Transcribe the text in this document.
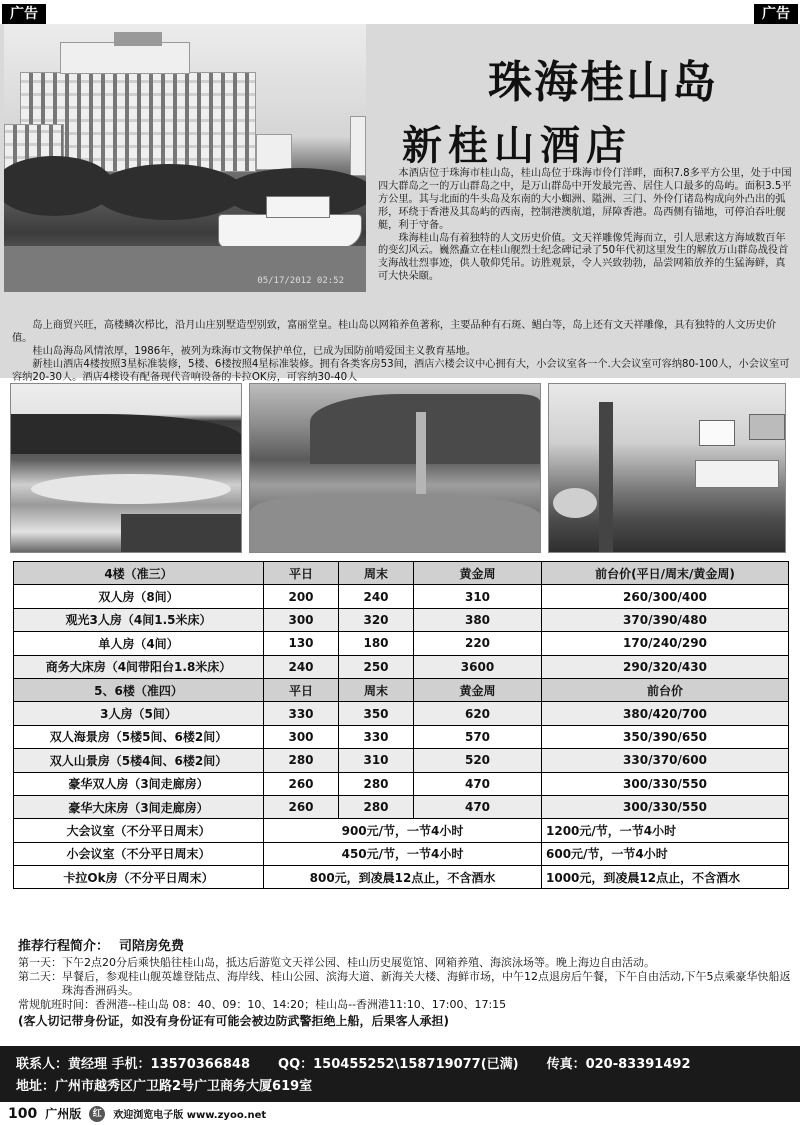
广告	广告
05/17/2012 02:52
珠海桂山岛
新桂山酒店

本酒店位于珠海市桂山岛，桂山岛位于珠海市伶仃洋畔，面积7.8多平方公里，处于中国四大群岛之一的万山群岛之中，是万山群岛中开发最完善、居住人口最多的岛屿。面积3.5平方公里。其与北面的牛头岛及东南的大小蜘洲、隘洲、三门、外伶仃诸岛构成向外凸出的弧形，环绕于香港及其岛屿的西南，控制港澳航道，屏障香港。岛西侧有锚地，可停泊吞吐舰艇，利于守备。

珠海桂山岛有着独特的人文历史价值。文天祥雕像凭海而立，引人思索这方海域数百年的变幻风云。巍然矗立在桂山舰烈士纪念碑记录了50年代初这里发生的解放万山群岛战役首支海战壮烈事迹，供人敬仰凭吊。访胜观景，令人兴致勃勃，品尝网箱放养的生猛海鲜，真可大快朵颐。

岛上商贸兴旺，高楼鳞次栉比，沿月山庄别墅造型别致，富丽堂皇。桂山岛以网箱养鱼著称，主要品种有石斑、鲳白等，岛上还有文天祥雕像，具有独特的人文历史价值。

桂山岛海岛风情浓厚，1986年，被列为珠海市文物保护单位，已成为国防前哨爱国主义教育基地。

新桂山酒店4楼按照3星标准装修，5楼、6楼按照4星标准装修。拥有各类客房53间，酒店六楼会议中心拥有大，小会议室各一个.大会议室可容纳80-100人，小会议室可容纳20-30人。酒店4楼设有配备现代音响设备的卡拉OK房，可容纳30-40人

4楼（准三）	平日	周末	黄金周	前台价(平日/周末/黄金周)
双人房（8间）	200	240	310	260/300/400
观光3人房（4间1.5米床）	300	320	380	370/390/480
单人房（4间）	130	180	220	170/240/290
商务大床房（4间带阳台1.8米床）	240	250	3600	290/320/430
5、6楼（准四）	平日	周末	黄金周	前台价
3人房（5间）	330	350	620	380/420/700
双人海景房（5楼5间、6楼2间）	300	330	570	350/390/650
双人山景房（5楼4间、6楼2间）	280	310	520	330/370/600
豪华双人房（3间走廊房）	260	280	470	300/330/550
豪华大床房（3间走廊房）	260	280	470	300/330/550
大会议室（不分平日周末）	900元/节，一节4小时			1200元/节，一节4小时
小会议室（不分平日周末）	450元/节，一节4小时			600元/节，一节4小时
卡拉Ok房（不分平日周末）	800元，到凌晨12点止，不含酒水			1000元，到凌晨12点止，不含酒水
推荐行程简介： 司陪房免费
第一天： 下午2点20分后乘快船往桂山岛，抵达后游览文天祥公园、桂山历史展览馆、网箱养殖、海滨泳场等。晚上海边自由活动。
第二天： 早餐后，参观桂山舰英雄登陆点、海岸线、桂山公园、滨海大道、新海关大楼、海鲜市场，中午12点退房后午餐，下午自由活动,下午5点乘豪华快船返珠海香洲码头。
常规航班时间：香洲港--桂山岛 08：40、09：10、14:20；桂山岛--香洲港11:10、17:00、17:15
(客人切记带身份证，如没有身份证有可能会被边防武警拒绝上船，后果客人承担)
联系人：黄经理 手机：13570366848 QQ：150455252\158719077(已满) 传真：020-83391492
地址：广州市越秀区广卫路2号广卫商务大厦619室
100 广州版	红	欢迎浏览电子版 www.zyoo.net
